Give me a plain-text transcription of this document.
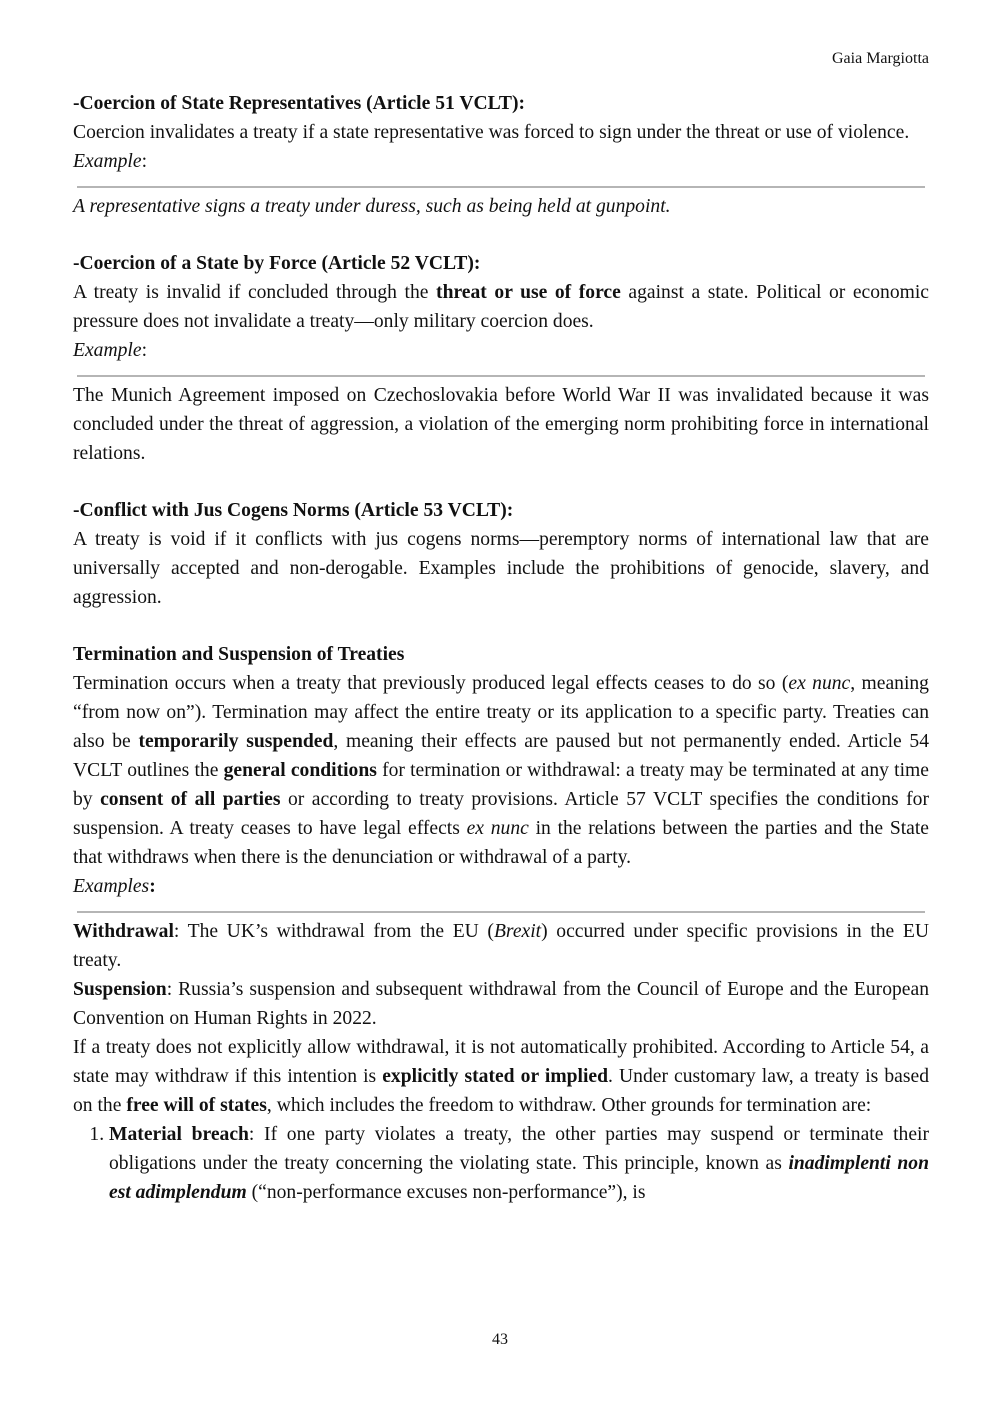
Gaia Margiotta

-Coercion of State Representatives (Article 51 VCLT):

Coercion invalidates a treaty if a state representative was forced to sign under the threat or use of violence.

Example:

A representative signs a treaty under duress, such as being held at gunpoint.

-Coercion of a State by Force (Article 52 VCLT):

A treaty is invalid if concluded through the threat or use of force against a state. Political or economic pressure does not invalidate a treaty—only military coercion does.

Example:

The Munich Agreement imposed on Czechoslovakia before World War II was invalidated because it was concluded under the threat of aggression, a violation of the emerging norm prohibiting force in international relations.

-Conflict with Jus Cogens Norms (Article 53 VCLT):

A treaty is void if it conflicts with jus cogens norms—peremptory norms of international law that are universally accepted and non-derogable. Examples include the prohibitions of genocide, slavery, and aggression.

Termination and Suspension of Treaties

Termination occurs when a treaty that previously produced legal effects ceases to do so (ex nunc, meaning “from now on”). Termination may affect the entire treaty or its application to a specific party. Treaties can also be temporarily suspended, meaning their effects are paused but not permanently ended. Article 54 VCLT outlines the general conditions for termination or withdrawal: a treaty may be terminated at any time by consent of all parties or according to treaty provisions. Article 57 VCLT specifies the conditions for suspension. A treaty ceases to have legal effects ex nunc in the relations between the parties and the State that withdraws when there is the denunciation or withdrawal of a party.

Examples:

Withdrawal: The UK’s withdrawal from the EU (Brexit) occurred under specific provisions in the EU treaty.

Suspension: Russia’s suspension and subsequent withdrawal from the Council of Europe and the European Convention on Human Rights in 2022.

If a treaty does not explicitly allow withdrawal, it is not automatically prohibited. According to Article 54, a state may withdraw if this intention is explicitly stated or implied. Under customary law, a treaty is based on the free will of states, which includes the freedom to withdraw. Other grounds for termination are:

1. Material breach: If one party violates a treaty, the other parties may suspend or terminate their obligations under the treaty concerning the violating state. This principle, known as inadimplenti non est adimplendum (“non-performance excuses non-performance”), is
43
